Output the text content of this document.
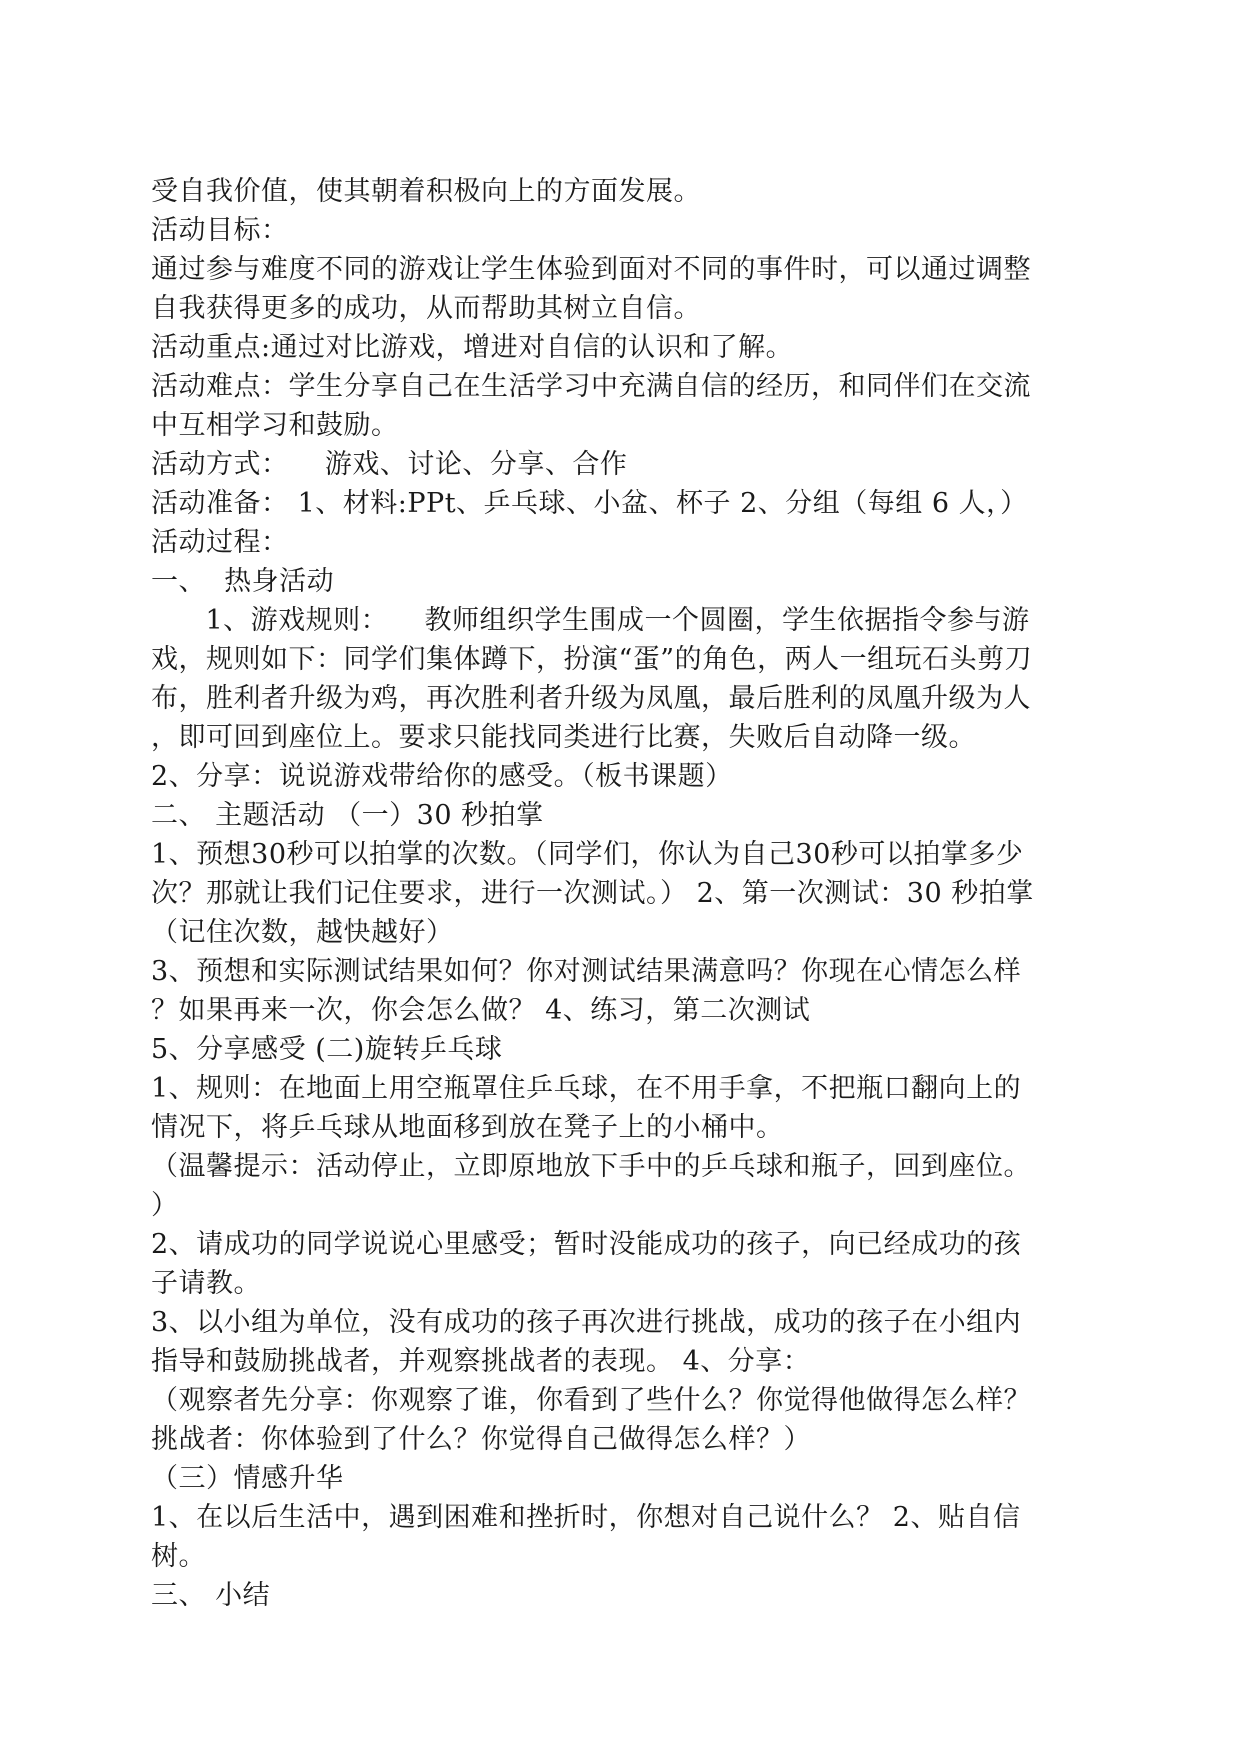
受自我价值，使其朝着积极向上的方面发展。
活动目标：
通过参与难度不同的游戏让学生体验到面对不同的事件时，可以通过调整
自我获得更多的成功，从而帮助其树立自信。
活动重点:通过对比游戏，增进对自信的认识和了解。
活动难点：学生分享自己在生活学习中充满自信的经历，和同伴们在交流
中互相学习和鼓励。
活动方式：    游戏、讨论、分享、合作
活动准备： 1、材料:PPt、乒乓球、小盆、杯子 2、分组（每组 6 人，）
活动过程：
一、  热身活动
1、游戏规则：    教师组织学生围成一个圆圈，学生依据指令参与游
戏，规则如下：同学们集体蹲下，扮演“蛋”的角色，两人一组玩石头剪刀
布，胜利者升级为鸡，再次胜利者升级为凤凰，最后胜利的凤凰升级为人
，即可回到座位上。要求只能找同类进行比赛，失败后自动降一级。
2、分享：说说游戏带给你的感受。（板书课题）
二、 主题活动 （一）30 秒拍掌
1、预想30秒可以拍掌的次数。（同学们，你认为自己30秒可以拍掌多少
次？那就让我们记住要求，进行一次测试。） 2、第一次测试：30 秒拍掌
（记住次数，越快越好）
3、预想和实际测试结果如何？你对测试结果满意吗？你现在心情怎么样
？如果再来一次，你会怎么做？ 4、练习，第二次测试
5、分享感受 (二)旋转乒乓球
1、规则：在地面上用空瓶罩住乒乓球，在不用手拿，不把瓶口翻向上的
情况下，将乒乓球从地面移到放在凳子上的小桶中。
（温馨提示：活动停止，立即原地放下手中的乒乓球和瓶子，回到座位。
）
2、请成功的同学说说心里感受；暂时没能成功的孩子，向已经成功的孩
子请教。
3、以小组为单位，没有成功的孩子再次进行挑战，成功的孩子在小组内
指导和鼓励挑战者，并观察挑战者的表现。 4、分享：
（观察者先分享：你观察了谁，你看到了些什么？你觉得他做得怎么样？
挑战者：你体验到了什么？你觉得自己做得怎么样？）
（三）情感升华
1、在以后生活中，遇到困难和挫折时，你想对自己说什么？ 2、贴自信
树。
三、 小结
